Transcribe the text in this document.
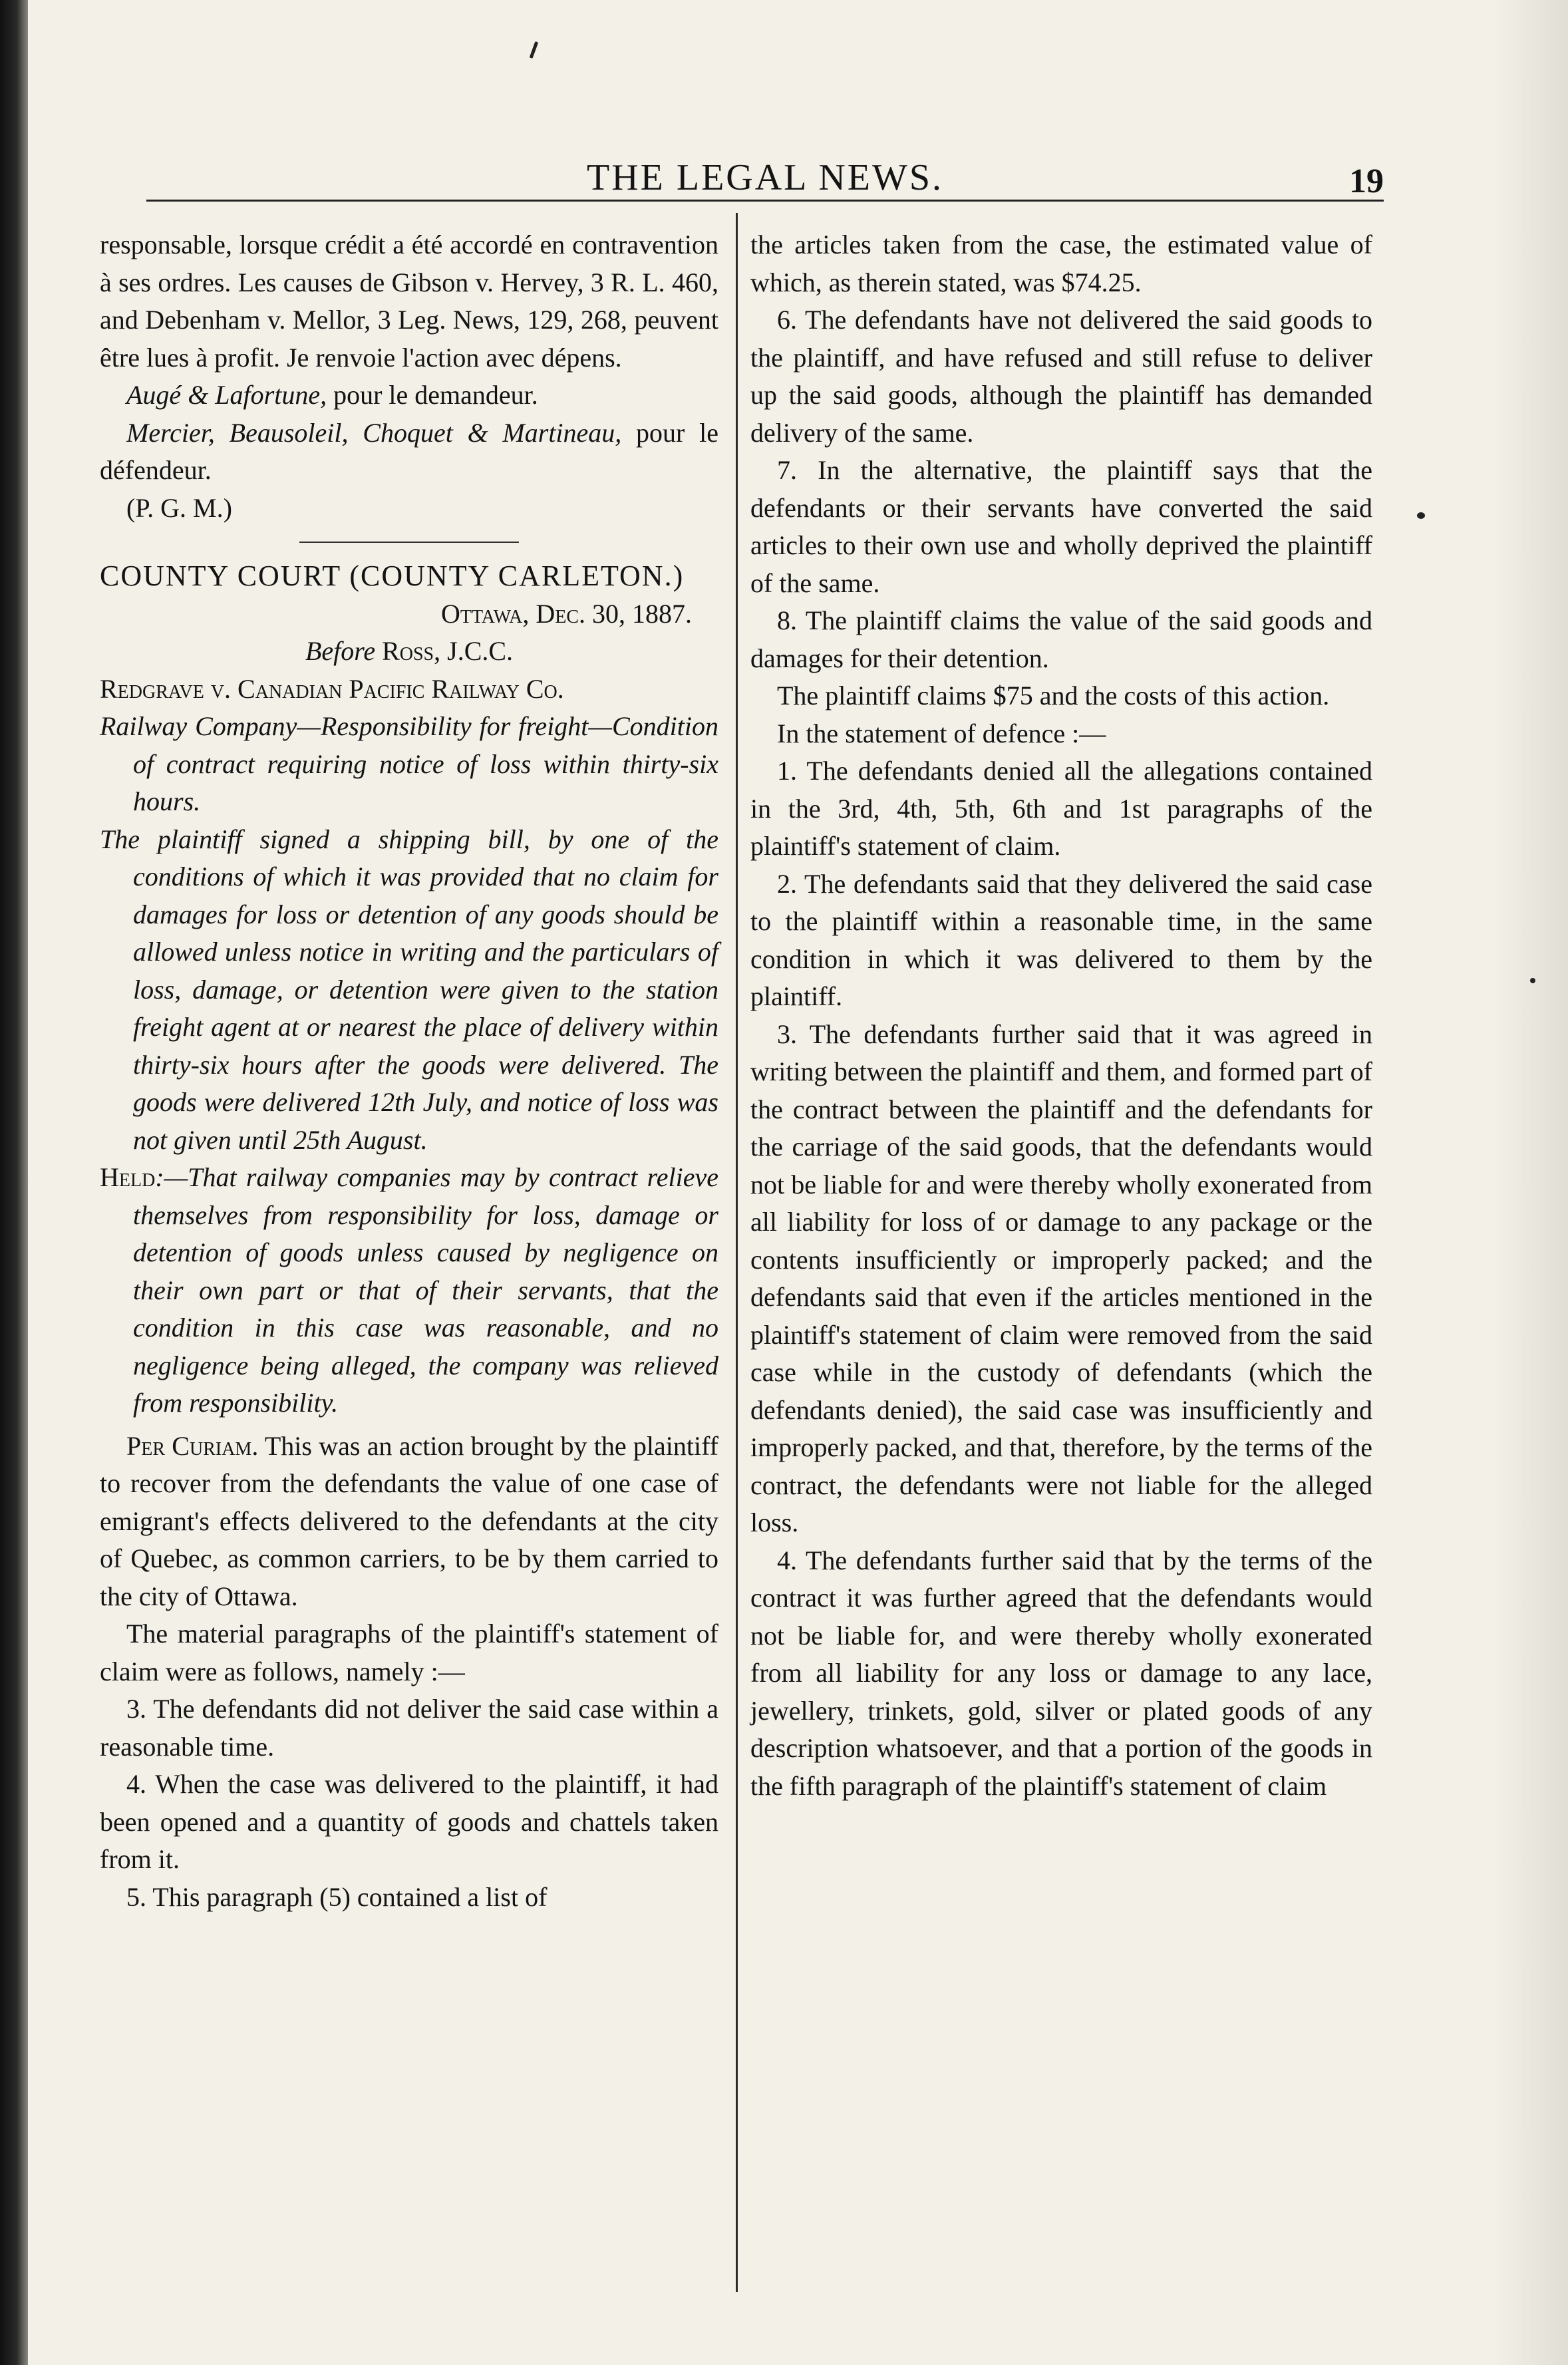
THE LEGAL NEWS.	19

responsable, lorsque crédit a été accordé en contravention à ses ordres. Les causes de Gibson v. Hervey, 3 R. L. 460, and Debenham v. Mellor, 3 Leg. News, 129, 268, peuvent être lues à profit. Je renvoie l'action avec dépens.

Augé & Lafortune, pour le demandeur.

Mercier, Beausoleil, Choquet & Martineau, pour le défendeur.

(P. G. M.)

COUNTY COURT (COUNTY CARLETON.)

Ottawa, Dec. 30, 1887.

Before Ross, J.C.C.

Redgrave v. Canadian Pacific Railway Co.

Railway Company—Responsibility for freight—Condition of contract requiring notice of loss within thirty-six hours.

The plaintiff signed a shipping bill, by one of the conditions of which it was provided that no claim for damages for loss or detention of any goods should be allowed unless notice in writing and the particulars of loss, damage, or detention were given to the station freight agent at or nearest the place of delivery within thirty-six hours after the goods were delivered. The goods were delivered 12th July, and notice of loss was not given until 25th August.

Held:—That railway companies may by contract relieve themselves from responsibility for loss, damage or detention of goods unless caused by negligence on their own part or that of their servants, that the condition in this case was reasonable, and no negligence being alleged, the company was relieved from responsibility.

Per Curiam. This was an action brought by the plaintiff to recover from the defendants the value of one case of emigrant's effects delivered to the defendants at the city of Quebec, as common carriers, to be by them carried to the city of Ottawa.

The material paragraphs of the plaintiff's statement of claim were as follows, namely :—

3. The defendants did not deliver the said case within a reasonable time.

4. When the case was delivered to the plaintiff, it had been opened and a quantity of goods and chattels taken from it.

5. This paragraph (5) contained a list of

the articles taken from the case, the estimated value of which, as therein stated, was $74.25.

6. The defendants have not delivered the said goods to the plaintiff, and have refused and still refuse to deliver up the said goods, although the plaintiff has demanded delivery of the same.

7. In the alternative, the plaintiff says that the defendants or their servants have converted the said articles to their own use and wholly deprived the plaintiff of the same.

8. The plaintiff claims the value of the said goods and damages for their detention.

The plaintiff claims $75 and the costs of this action.

In the statement of defence :—

1. The defendants denied all the allegations contained in the 3rd, 4th, 5th, 6th and 1st paragraphs of the plaintiff's statement of claim.

2. The defendants said that they delivered the said case to the plaintiff within a reasonable time, in the same condition in which it was delivered to them by the plaintiff.

3. The defendants further said that it was agreed in writing between the plaintiff and them, and formed part of the contract between the plaintiff and the defendants for the carriage of the said goods, that the defendants would not be liable for and were thereby wholly exonerated from all liability for loss of or damage to any package or the contents insufficiently or improperly packed; and the defendants said that even if the articles mentioned in the plaintiff's statement of claim were removed from the said case while in the custody of defendants (which the defendants denied), the said case was insufficiently and improperly packed, and that, therefore, by the terms of the contract, the defendants were not liable for the alleged loss.

4. The defendants further said that by the terms of the contract it was further agreed that the defendants would not be liable for, and were thereby wholly exonerated from all liability for any loss or damage to any lace, jewellery, trinkets, gold, silver or plated goods of any description whatsoever, and that a portion of the goods in the fifth paragraph of the plaintiff's statement of claim
